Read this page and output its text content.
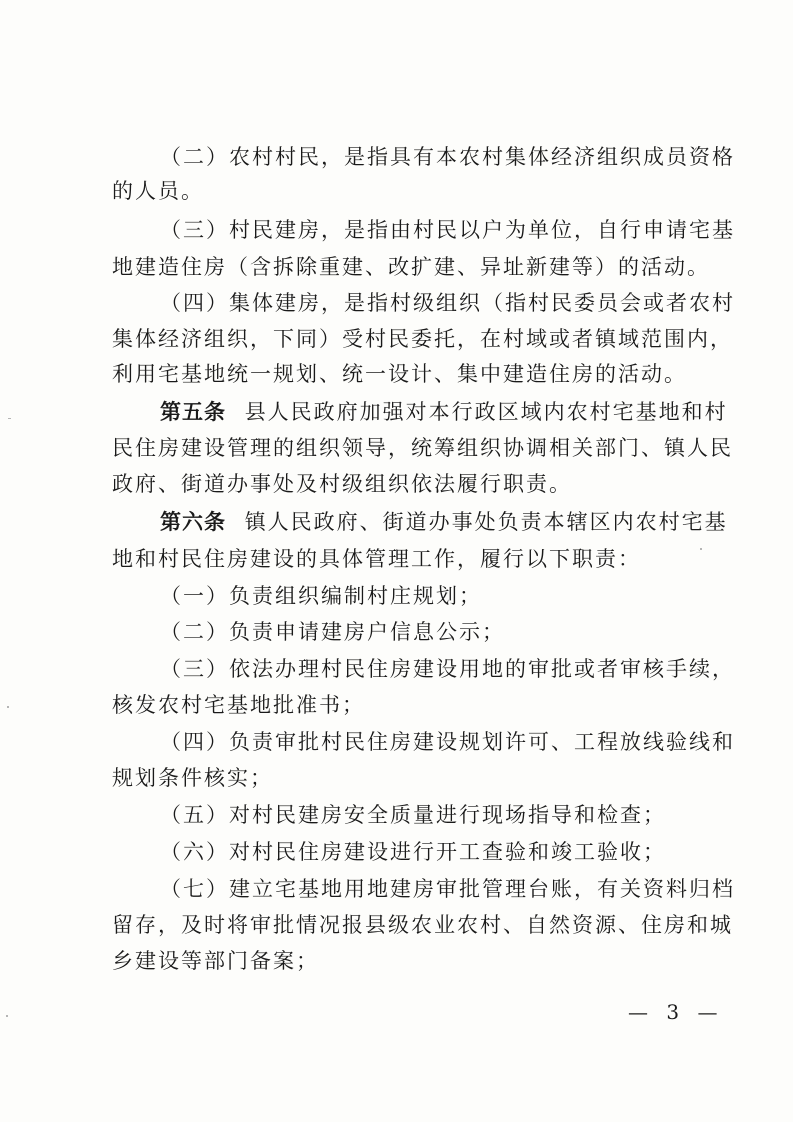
（二）农村村民，是指具有本农村集体经济组织成员资格
的人员。
（三）村民建房，是指由村民以户为单位，自行申请宅基
地建造住房（含拆除重建、改扩建、异址新建等）的活动。
（四）集体建房，是指村级组织（指村民委员会或者农村
集体经济组织，下同）受村民委托，在村域或者镇域范围内，
利用宅基地统一规划、统一设计、集中建造住房的活动。
第五条 县人民政府加强对本行政区域内农村宅基地和村
民住房建设管理的组织领导，统筹组织协调相关部门、镇人民
政府、街道办事处及村级组织依法履行职责。
第六条 镇人民政府、街道办事处负责本辖区内农村宅基
地和村民住房建设的具体管理工作，履行以下职责：
（一）负责组织编制村庄规划；
（二）负责申请建房户信息公示；
（三）依法办理村民住房建设用地的审批或者审核手续，
核发农村宅基地批准书；
（四）负责审批村民住房建设规划许可、工程放线验线和
规划条件核实；
（五）对村民建房安全质量进行现场指导和检查；
（六）对村民住房建设进行开工查验和竣工验收；
（七）建立宅基地用地建房审批管理台账，有关资料归档
留存，及时将审批情况报县级农业农村、自然资源、住房和城
乡建设等部门备案；
— 3 —
